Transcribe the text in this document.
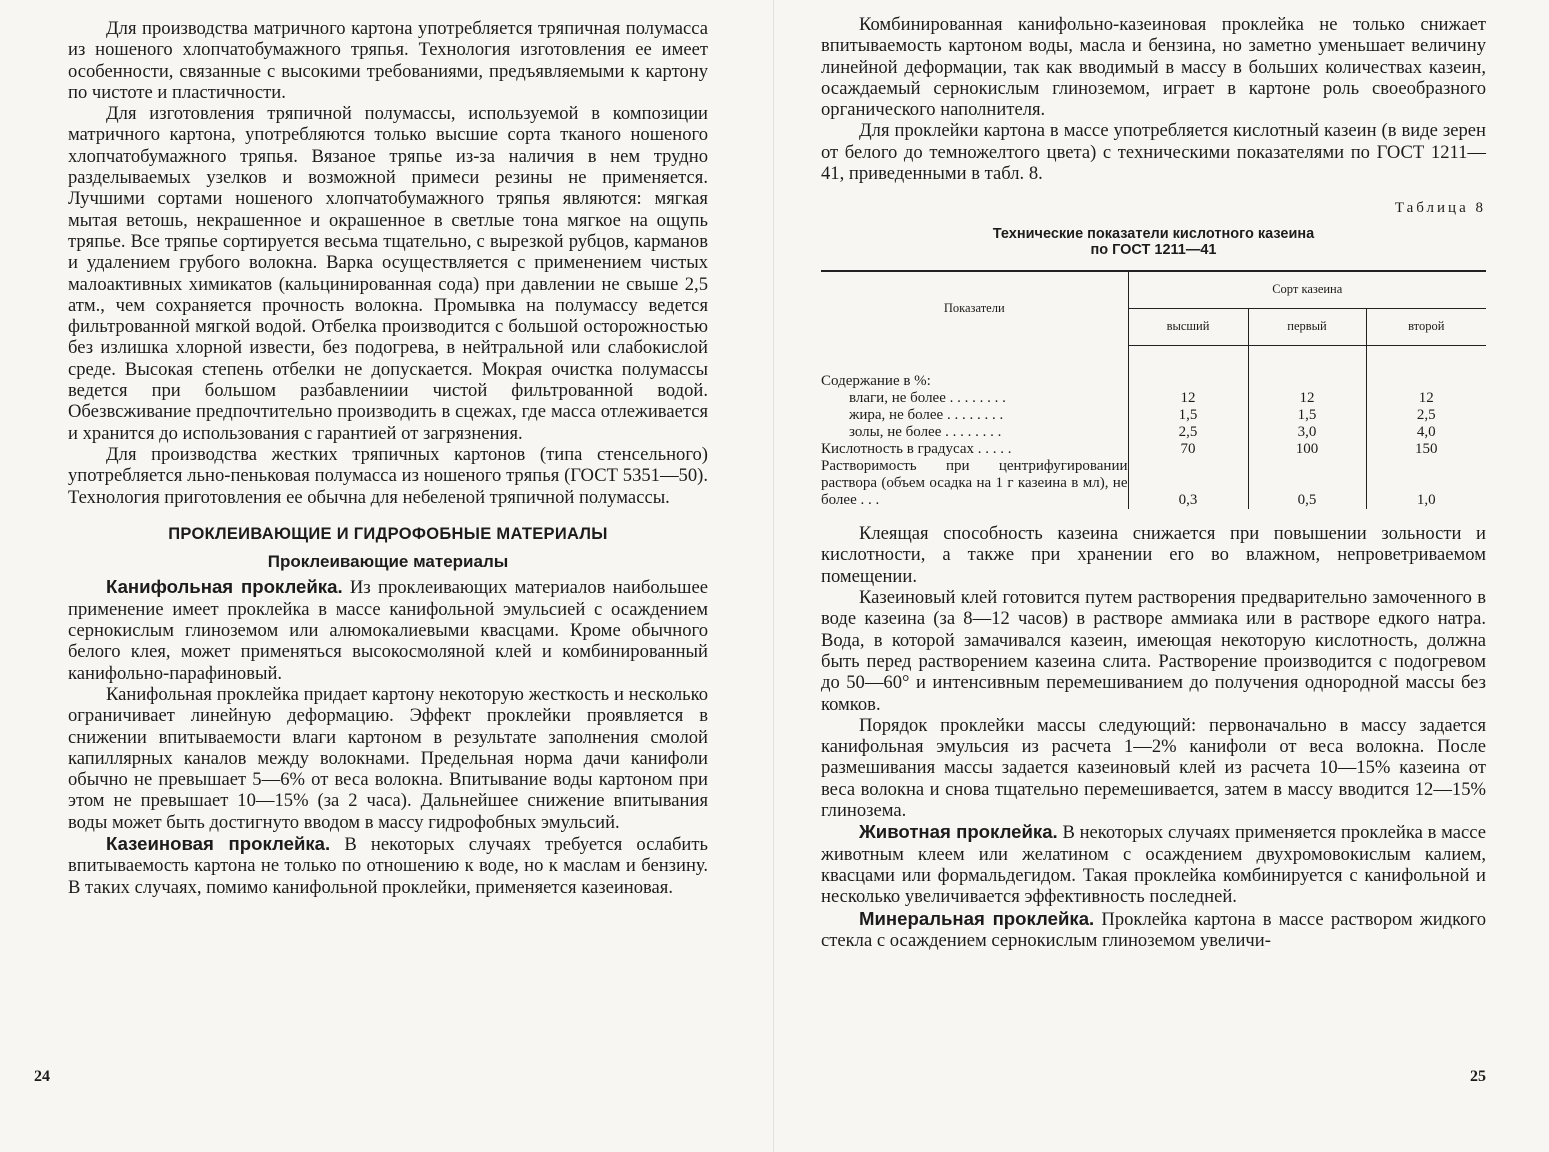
Для производства матричного картона употребляется тряпичная полумасса из ношеного хлопчатобумажного тряпья. Технология изготовления ее имеет особенности, связанные с высокими требованиями, предъявляемыми к картону по чистоте и пластичности.

Для изготовления тряпичной полумассы, используемой в композиции матричного картона, употребляются только высшие сорта тканого ношеного хлопчатобумажного тряпья. Вязаное тряпье из-за наличия в нем трудно разделываемых узелков и возможной примеси резины не применяется. Лучшими сортами ношеного хлопчатобумажного тряпья являются: мягкая мытая ветошь, некрашенное и окрашенное в светлые тона мягкое на ощупь тряпье. Все тряпье сортируется весьма тщательно, с вырезкой рубцов, карманов и удалением грубого волокна. Варка осуществляется с применением чистых малоактивных химикатов (кальцинированная сода) при давлении не свыше 2,5 атм., чем сохраняется прочность волокна. Промывка на полумассу ведется фильтрованной мягкой водой. Отбелка производится с большой осторожностью без излишка хлорной извести, без подогрева, в нейтральной или слабокислой среде. Высокая степень отбелки не допускается. Мокрая очистка полумассы ведется при большом разбавлениии чистой фильтрованной водой. Обезвсживание предпочтительно производить в сцежах, где масса отлеживается и хранится до использования с гарантией от загрязнения.

Для производства жестких тряпичных картонов (типа стенсельного) употребляется льно-пеньковая полумасса из ношеного тряпья (ГОСТ 5351—50). Технология приготовления ее обычна для небеленой тряпичной полумассы.

ПРОКЛЕИВАЮЩИЕ И ГИДРОФОБНЫЕ МАТЕРИАЛЫ

Проклеивающие материалы

Канифольная проклейка. Из проклеивающих материалов наибольшее применение имеет проклейка в массе канифольной эмульсией с осаждением сернокислым глиноземом или алюмокалиевыми квасцами. Кроме обычного белого клея, может применяться высокосмоляной клей и комбинированный канифольно-парафиновый.

Канифольная проклейка придает картону некоторую жесткость и несколько ограничивает линейную деформацию. Эффект проклейки проявляется в снижении впитываемости влаги картоном в результате заполнения смолой капиллярных каналов между волокнами. Предельная норма дачи канифоли обычно не превышает 5—6% от веса волокна. Впитывание воды картоном при этом не превышает 10—15% (за 2 часа). Дальнейшее снижение впитывания воды может быть достигнуто вводом в массу гидрофобных эмульсий.

Казеиновая проклейка. В некоторых случаях требуется ослабить впитываемость картона не только по отношению к воде, но к маслам и бензину. В таких случаях, помимо канифольной проклейки, применяется казеиновая.

24

Комбинированная канифольно-казеиновая проклейка не только снижает впитываемость картоном воды, масла и бензина, но заметно уменьшает величину линейной деформации, так как вводимый в массу в больших количествах казеин, осаждаемый сернокислым глиноземом, играет в картоне роль своеобразного органического наполнителя.

Для проклейки картона в массе употребляется кислотный казеин (в виде зерен от белого до темножелтого цвета) с техническими показателями по ГОСТ 1211—41, приведенными в табл. 8.

Таблица 8
Технические показатели кислотного казеина
по ГОСТ 1211—41
Показатели	Сорт казеина		
	высший	первый	второй
Содержание в %:			
влаги, не более . . . . . . . .	12	12	12
жира, не более . . . . . . . .	1,5	1,5	2,5
золы, не более . . . . . . . .	2,5	3,0	4,0
Кислотность в градусах . . . . .	70	100	150
Растворимость при центрифугировании раствора (объем осадка на 1 г казеина в мл), не более . . .	0,3	0,5	1,0

Клеящая способность казеина снижается при повышении зольности и кислотности, а также при хранении его во влажном, непроветриваемом помещении.

Казеиновый клей готовится путем растворения предварительно замоченного в воде казеина (за 8—12 часов) в растворе аммиака или в растворе едкого натра. Вода, в которой замачивался казеин, имеющая некоторую кислотность, должна быть перед растворением казеина слита. Растворение производится с подогревом до 50—60° и интенсивным перемешиванием до получения однородной массы без комков.

Порядок проклейки массы следующий: первоначально в массу задается канифольная эмульсия из расчета 1—2% канифоли от веса волокна. После размешивания массы задается казеиновый клей из расчета 10—15% казеина от веса волокна и снова тщательно перемешивается, затем в массу вводится 12—15% глинозема.

Животная проклейка. В некоторых случаях применяется проклейка в массе животным клеем или желатином с осаждением двухромовокислым калием, квасцами или формальдегидом. Такая проклейка комбинируется с канифольной и несколько увеличивается эффективность последней.

Минеральная проклейка. Проклейка картона в массе раствором жидкого стекла с осаждением сернокислым глиноземом увеличи-

25
